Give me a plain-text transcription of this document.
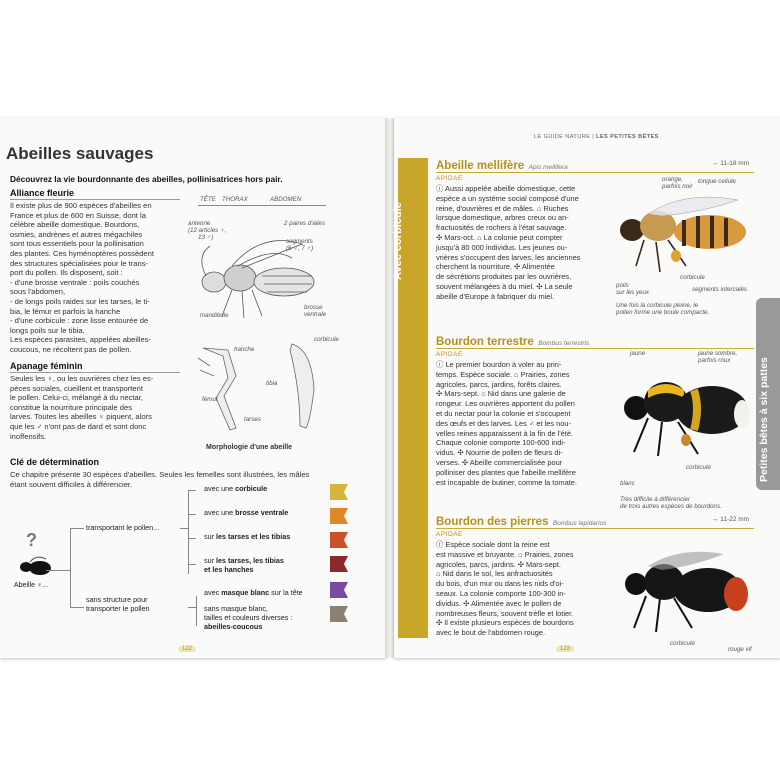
Abeilles sauvages
Découvrez la vie bourdonnante des abeilles, pollinisatrices hors pair.
Alliance fleurie
Il existe plus de 900 espèces d'abeilles en
France et plus de 600 en Suisse, dont la
célèbre abeille domestique. Bourdons,
osmies, andrènes et autres mégachiles
sont tous essentiels pour la pollinisation
des plantes. Ces hyménoptères possèdent
des structures spécialisées pour le trans-
port du pollen. Ils disposent, soit :
- d'une brosse ventrale : poils couchés
sous l'abdomen,
- de longs poils raides sur les tarses, le ti-
bia, le fémur et parfois la hanche
- d'une corbicule : zone lisse entourée de
longs poils sur le tibia.
Les espèces parasites, appelées abeilles-
coucous, ne récoltent pas de pollen.
Apanage féminin
Seules les ♀, ou les ouvrières chez les es-
pèces sociales, cueillent et transportent
le pollen. Celui-ci, mélangé à du nectar,
constitue la nourriture principale des
larves. Toutes les abeilles ♀ piquent, alors
que les ♂ n'ont pas de dard et sont donc
inoffensifs.
TÊTE THORAX	ABDOMEN
antenne
(12 articles ♀,
13 ♂)
2 paires d'ailes
segments
(6 ♀, 7 ♂)
mandibule
brosse
ventrale
hanche
tibia
fémur
tarses
corbicule
Morphologie d'une abeille
Clé de détermination
Ce chapitre présente 30 espèces d'abeilles. Seules les femelles sont illustrées, les mâles
étant souvent difficiles à différencier.
?
Abeille ♀...
transportant le pollen...
sans structure pour
transporter le pollen
avec une corbicule
avec une brosse ventrale
sur les tarses et les tibias
sur les tarses, les tibias
et les hanches
avec masque blanc sur la tête
sans masque blanc,
tailles et couleurs diverses :
abeilles-coucous
122
LE GUIDE NATURE | LES PETITES BÊTES
Avec corbicule
Petites bêtes à six pattes
Abeille mellifère Apis mellifera
↔ 11-18 mm
APIDAE
ⓘ Aussi appelée abeille domestique, cette
espèce a un système social composé d'une
reine, d'ouvrières et de mâles. ⌂ Ruches
lorsque domestique, arbres creux ou an-
fractuosités de rochers à l'état sauvage.
✣ Mars-oct. ⌂ La colonie peut compter
jusqu'à 80 000 individus. Les jeunes ou-
vrières s'occupent des larves, les anciennes
cherchent la nourriture. ✣ Alimentée
de sécrétions produites par les ouvrières,
souvent mélangées à du miel. ✣ La seule
abeille d'Europe à fabriquer du miel.
orange,
parfois noir
longue cellule
corbicule
poils
sur les yeux	segments intercalés
Une fois la corbicule pleine, le
pollen forme une boule compacte.
Bourdon terrestre Bombus terrestris
APIDAE
ⓘ Le premier bourdon à voler au prin-
temps. Espèce sociale. ⌂ Prairies, zones
agricoles, parcs, jardins, forêts claires.
✣ Mars-sept. ⌂ Nid dans une galerie de
rongeur. Les ouvrières apportent du pollen
et du nectar pour la colonie et s'occupent
des œufs et des larves. Les ♂ et les nou-
velles reines apparaissent à la fin de l'été.
Chaque colonie comporte 100-600 indi-
vidus. ✣ Nourrie de pollen de fleurs di-
verses. ✣ Abeille commercialisée pour
polliniser des plantes que l'abeille mellifère
est incapable de butiner, comme la tomate.
jaune	jaune sombre,
parfois roux
corbicule
blanc
Très difficile à différencier
de trois autres espèces de bourdons.
Bourdon des pierres Bombus lapidarius
↔ 11-22 mm
APIDAE
ⓘ Espèce sociale dont la reine est
est massive et bruyante. ⌂ Prairies, zones
agricoles, parcs, jardins. ✣ Mars-sept.
⌂ Nid dans le sol, les anfractuosités
du bois, d'un mur ou dans les nids d'oi-
seaux. La colonie comporte 100-300 in-
dividus. ✣ Alimentée avec le pollen de
nombreuses fleurs, souvent trèfle et lotier.
✣ Il existe plusieurs espèces de bourdons
avec le bout de l'abdomen rouge.
corbicule
rouge vif
123
